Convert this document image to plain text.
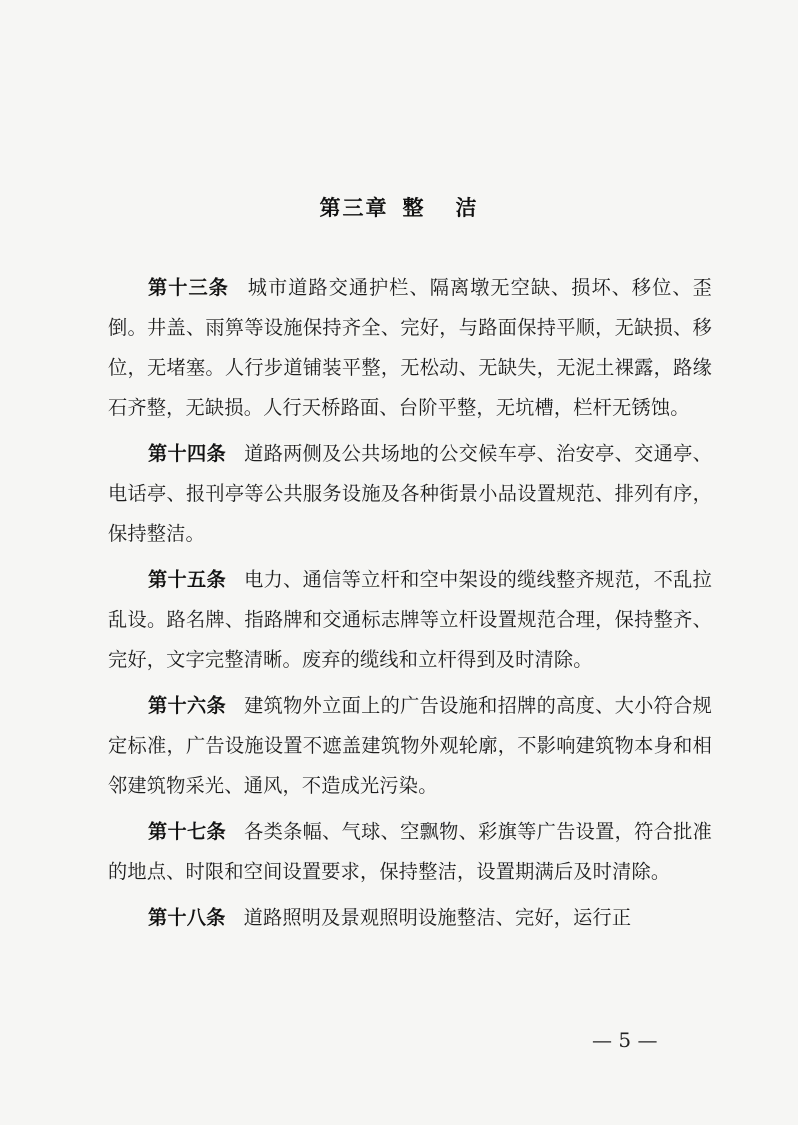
第三章 整 洁

第十三条 城市道路交通护栏、隔离墩无空缺、损坏、移位、歪倒。井盖、雨箅等设施保持齐全、完好，与路面保持平顺，无缺损、移位，无堵塞。人行步道铺装平整，无松动、无缺失，无泥土裸露，路缘石齐整，无缺损。人行天桥路面、台阶平整，无坑槽，栏杆无锈蚀。

第十四条 道路两侧及公共场地的公交候车亭、治安亭、交通亭、电话亭、报刊亭等公共服务设施及各种街景小品设置规范、排列有序，保持整洁。

第十五条 电力、通信等立杆和空中架设的缆线整齐规范，不乱拉乱设。路名牌、指路牌和交通标志牌等立杆设置规范合理，保持整齐、完好，文字完整清晰。废弃的缆线和立杆得到及时清除。

第十六条 建筑物外立面上的广告设施和招牌的高度、大小符合规定标准，广告设施设置不遮盖建筑物外观轮廓，不影响建筑物本身和相邻建筑物采光、通风，不造成光污染。

第十七条 各类条幅、气球、空飘物、彩旗等广告设置，符合批准的地点、时限和空间设置要求，保持整洁，设置期满后及时清除。

第十八条 道路照明及景观照明设施整洁、完好，运行正

— 5 —
